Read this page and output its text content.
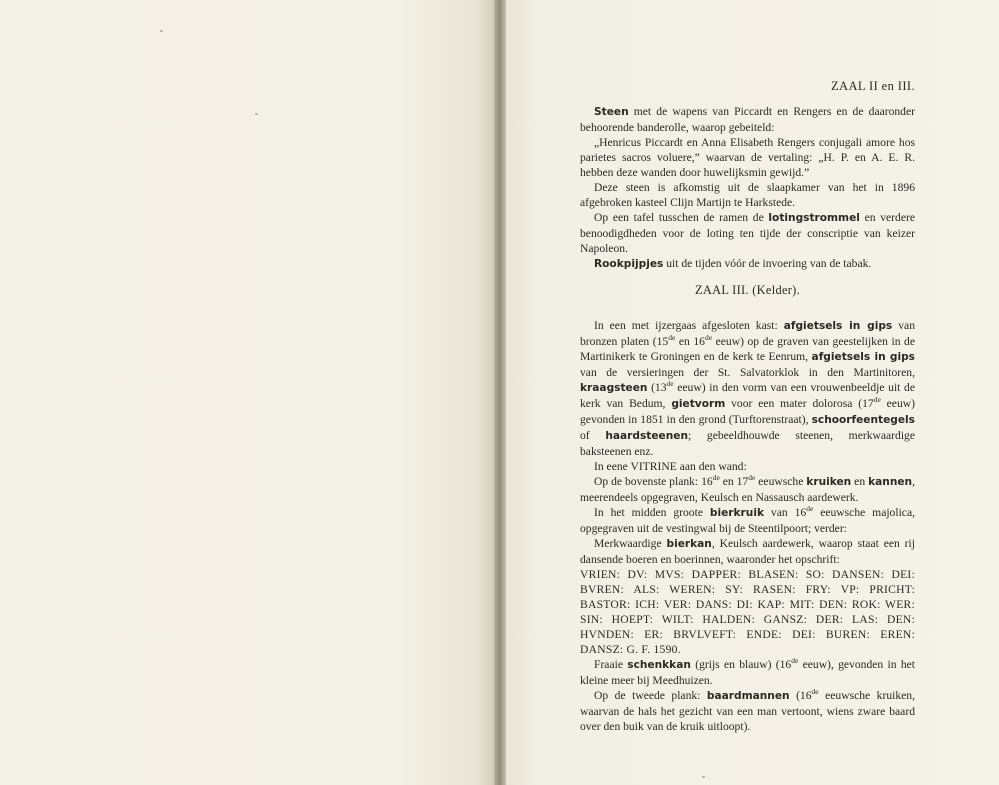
ZAAL II en III.

Steen met de wapens van Piccardt en Rengers en de daaronder behoorende banderolle, waarop gebeiteld:

„Henricus Piccardt en Anna Elisabeth Rengers conjugali amore hos parietes sacros voluere,” waarvan de vertaling: „H. P. en A. E. R. hebben deze wanden door huwelijksmin gewijd.”

Deze steen is afkomstig uit de slaapkamer van het in 1896 afgebroken kasteel Clijn Martijn te Harkstede.

Op een tafel tusschen de ramen de lotingstrommel en verdere benoodigdheden voor de loting ten tijde der conscriptie van keizer Napoleon.

Rookpijpjes uit de tijden vóór de invoering van de tabak.

ZAAL III. (Kelder).

In een met ijzergaas afgesloten kast: afgietsels in gips van bronzen platen (15de en 16de eeuw) op de graven van geestelijken in de Martinikerk te Groningen en de kerk te Eenrum, afgietsels in gips van de versieringen der St. Salvatorklok in den Martinitoren, kraagsteen (13de eeuw) in den vorm van een vrouwenbeeldje uit de kerk van Bedum, gietvorm voor een mater dolorosa (17de eeuw) gevonden in 1851 in den grond (Turftorenstraat), schoorfeentegels of haardsteenen; gebeeldhouwde steenen, merkwaardige baksteenen enz.

In eene VITRINE aan den wand:

Op de bovenste plank: 16de en 17de eeuwsche kruiken en kannen, meerendeels opgegraven, Keulsch en Nassausch aardewerk.

In het midden groote bierkruik van 16de eeuwsche majolica, opgegraven uit de vestingwal bij de Steentilpoort; verder:

Merkwaardige bierkan, Keulsch aardewerk, waarop staat een rij dansende boeren en boerinnen, waaronder het opschrift:

VRIEN: DV: MVS: DAPPER: BLASEN: SO: DANSEN: DEI: BVREN: ALS: WEREN: SY: RASEN: FRY: VP: PRICHT: BASTOR: ICH: VER: DANS: DI: KAP: MIT: DEN: ROK: WER: SIN: HOEPT: WILT: HALDEN: GANSZ: DER: LAS: DEN: HVNDEN: ER: BRVLVEFT: ENDE: DEI: BUREN: EREN: DANSZ: G. F. 1590.

Fraaie schenkkan (grijs en blauw) (16de eeuw), gevonden in het kleine meer bij Meedhuizen.

Op de tweede plank: baardmannen (16de eeuwsche kruiken, waarvan de hals het gezicht van een man vertoont, wiens zware baard over den buik van de kruik uitloopt).
